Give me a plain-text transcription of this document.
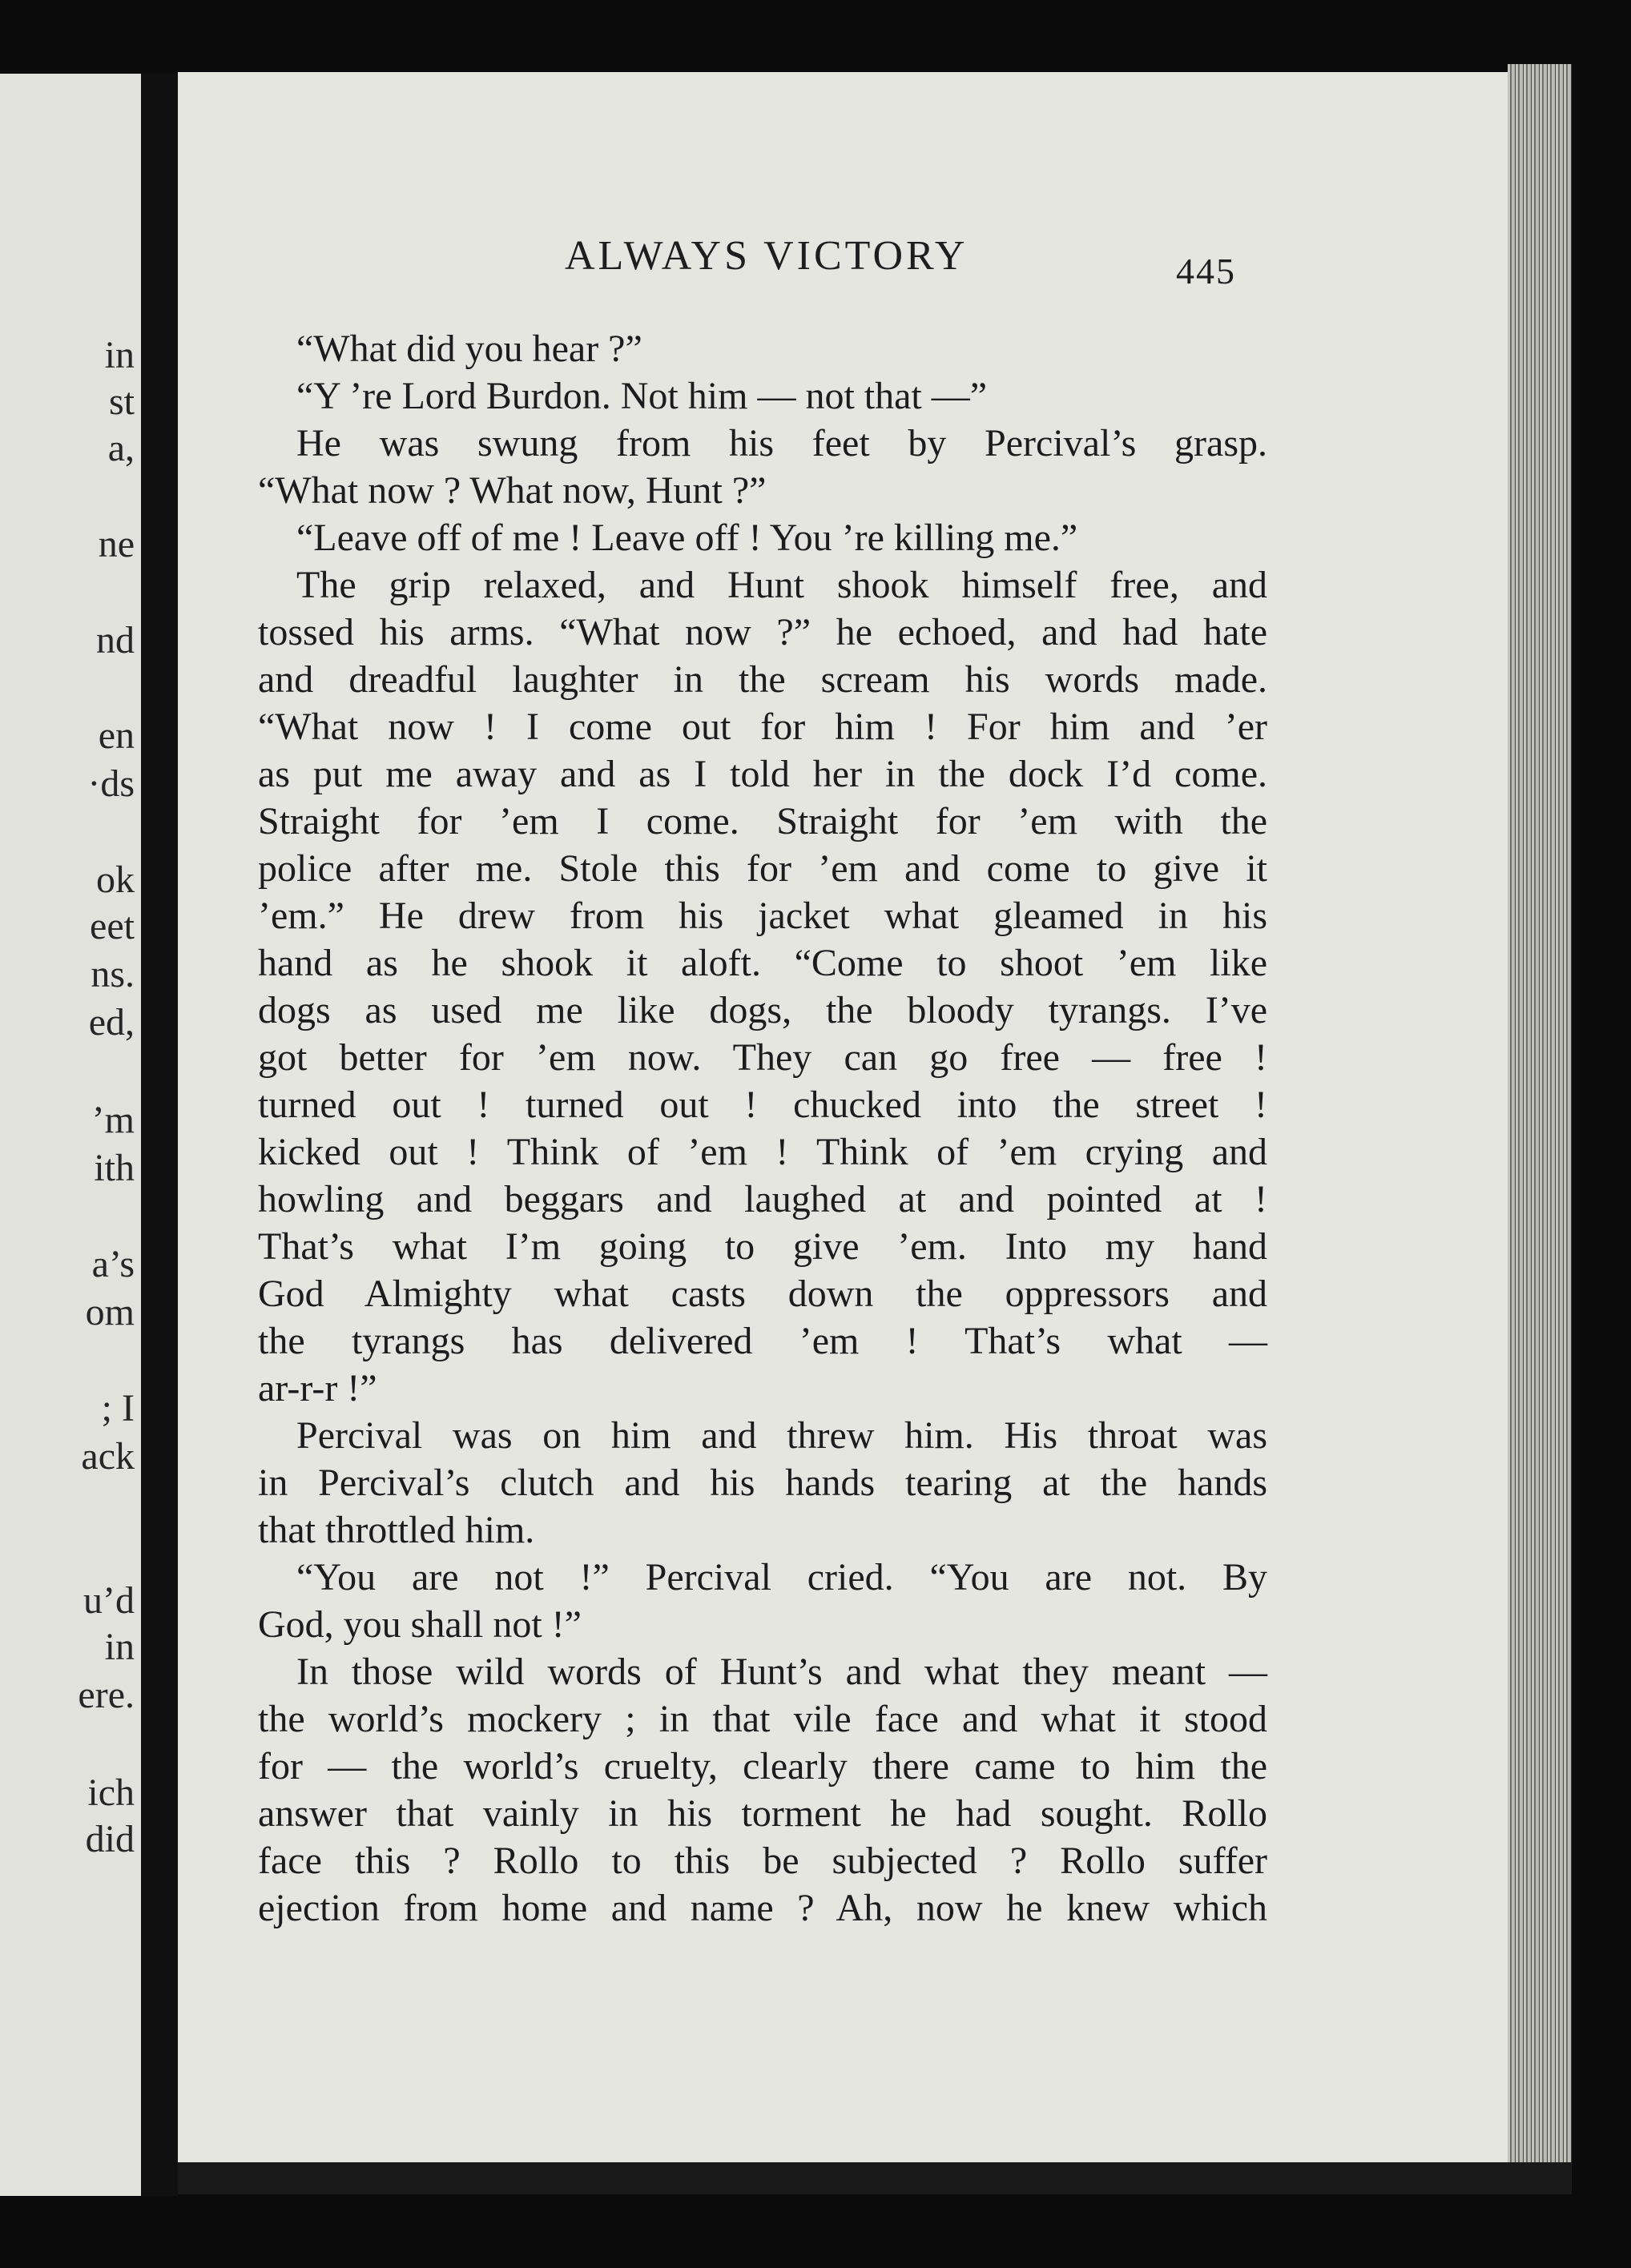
in
st
a,
ne
nd
en
·ds
ok
eet
ns.
ed,
’m
ith
a’s
om
; I
ack
u’d
in
ere.
ich
did
ALWAYS VICTORY	445
“What did you hear ?”
“Y ’re Lord Burdon. Not him — not that —”
He was swung from his feet by Percival’s grasp.
“What now ? What now, Hunt ?”
“Leave off of me ! Leave off ! You ’re killing me.”
The grip relaxed, and Hunt shook himself free, and
tossed his arms. “What now ?” he echoed, and had hate
and dreadful laughter in the scream his words made.
“What now ! I come out for him ! For him and ’er
as put me away and as I told her in the dock I’d come.
Straight for ’em I come. Straight for ’em with the
police after me. Stole this for ’em and come to give it
’em.” He drew from his jacket what gleamed in his
hand as he shook it aloft. “Come to shoot ’em like
dogs as used me like dogs, the bloody tyrangs. I’ve
got better for ’em now. They can go free — free !
turned out ! turned out ! chucked into the street !
kicked out ! Think of ’em ! Think of ’em crying and
howling and beggars and laughed at and pointed at !
That’s what I’m going to give ’em. Into my hand
God Almighty what casts down the oppressors and
the tyrangs has delivered ’em ! That’s what —
ar-r-r !”
Percival was on him and threw him. His throat was
in Percival’s clutch and his hands tearing at the hands
that throttled him.
“You are not !” Percival cried. “You are not. By
God, you shall not !”
In those wild words of Hunt’s and what they meant —
the world’s mockery ; in that vile face and what it stood
for — the world’s cruelty, clearly there came to him the
answer that vainly in his torment he had sought. Rollo
face this ? Rollo to this be subjected ? Rollo suffer
ejection from home and name ? Ah, now he knew which
